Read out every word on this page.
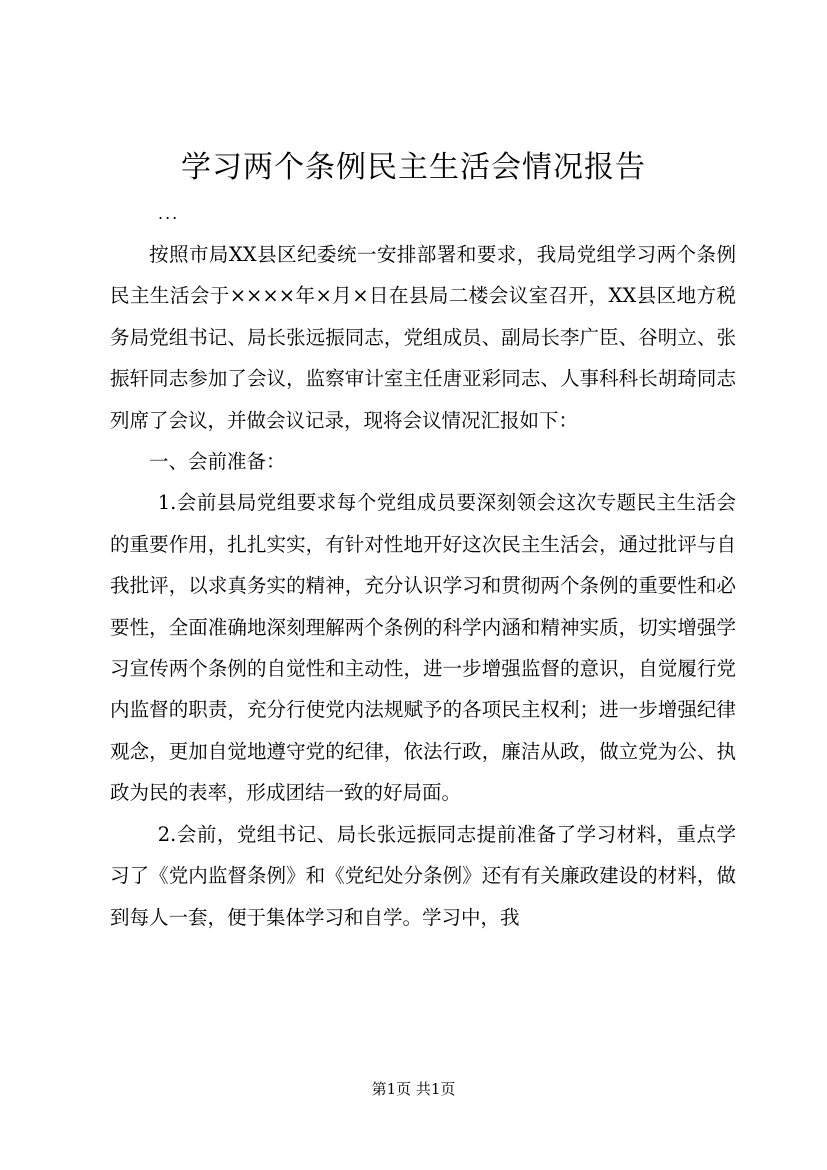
学习两个条例民主生活会情况报告
...

按照市局XX县区纪委统一安排部署和要求，我局党组学习两个条例民主生活会于××××年×月×日在县局二楼会议室召开，XX县区地方税务局党组书记、局长张远振同志，党组成员、副局长李广臣、谷明立、张振轩同志参加了会议，监察审计室主任唐亚彩同志、人事科科长胡琦同志列席了会议，并做会议记录，现将会议情况汇报如下：

一、会前准备：

1.会前县局党组要求每个党组成员要深刻领会这次专题民主生活会的重要作用，扎扎实实，有针对性地开好这次民主生活会，通过批评与自我批评，以求真务实的精神，充分认识学习和贯彻两个条例的重要性和必要性，全面准确地深刻理解两个条例的科学内涵和精神实质，切实增强学习宣传两个条例的自觉性和主动性，进一步增强监督的意识，自觉履行党内监督的职责，充分行使党内法规赋予的各项民主权利；进一步增强纪律观念，更加自觉地遵守党的纪律，依法行政，廉洁从政，做立党为公、执政为民的表率，形成团结一致的好局面。

2.会前，党组书记、局长张远振同志提前准备了学习材料，重点学习了《党内监督条例》和《党纪处分条例》还有有关廉政建设的材料，做到每人一套，便于集体学习和自学。学习中，我

第1页 共1页
